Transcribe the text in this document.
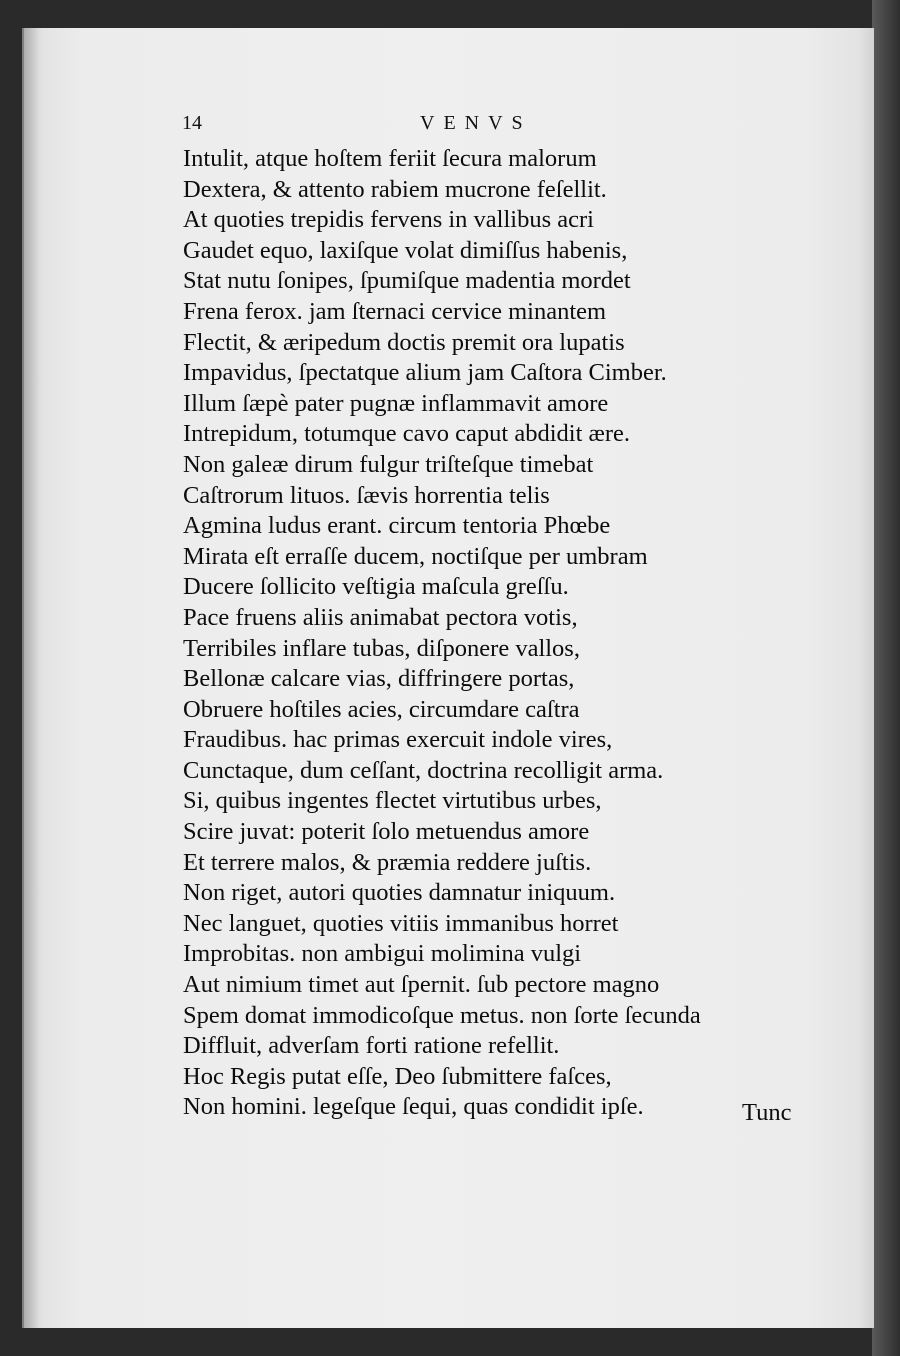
14	VENVS
Intulit, atque hoſtem feriit ſecura malorum
Dextera, & attento rabiem mucrone feſellit.
At quoties trepidis fervens in vallibus acri
Gaudet equo, laxiſque volat dimiſſus habenis,
Stat nutu ſonipes, ſpumiſque madentia mordet
Frena ferox. jam ſternaci cervice minantem
Flectit, & æripedum doctis premit ora lupatis
Impavidus, ſpectatque alium jam Caſtora Cimber.
Illum ſæpè pater pugnæ inflammavit amore
Intrepidum, totumque cavo caput abdidit ære.
Non galeæ dirum fulgur triſteſque timebat
Caſtrorum lituos. ſævis horrentia telis
Agmina ludus erant. circum tentoria Phœbe
Mirata eſt erraſſe ducem, noctiſque per umbram
Ducere ſollicito veſtigia maſcula greſſu.
Pace fruens aliis animabat pectora votis,
Terribiles inflare tubas, diſponere vallos,
Bellonæ calcare vias, diffringere portas,
Obruere hoſtiles acies, circumdare caſtra
Fraudibus. hac primas exercuit indole vires,
Cunctaque, dum ceſſant, doctrina recolligit arma.
Si, quibus ingentes flectet virtutibus urbes,
Scire juvat: poterit ſolo metuendus amore
Et terrere malos, & præmia reddere juſtis.
Non riget, autori quoties damnatur iniquum.
Nec languet, quoties vitiis immanibus horret
Improbitas. non ambigui molimina vulgi
Aut nimium timet aut ſpernit. ſub pectore magno
Spem domat immodicoſque metus. non ſorte ſecunda
Diffluit, adverſam forti ratione refellit.
Hoc Regis putat eſſe, Deo ſubmittere faſces,
Non homini. legeſque ſequi, quas condidit ipſe.	Tunc
